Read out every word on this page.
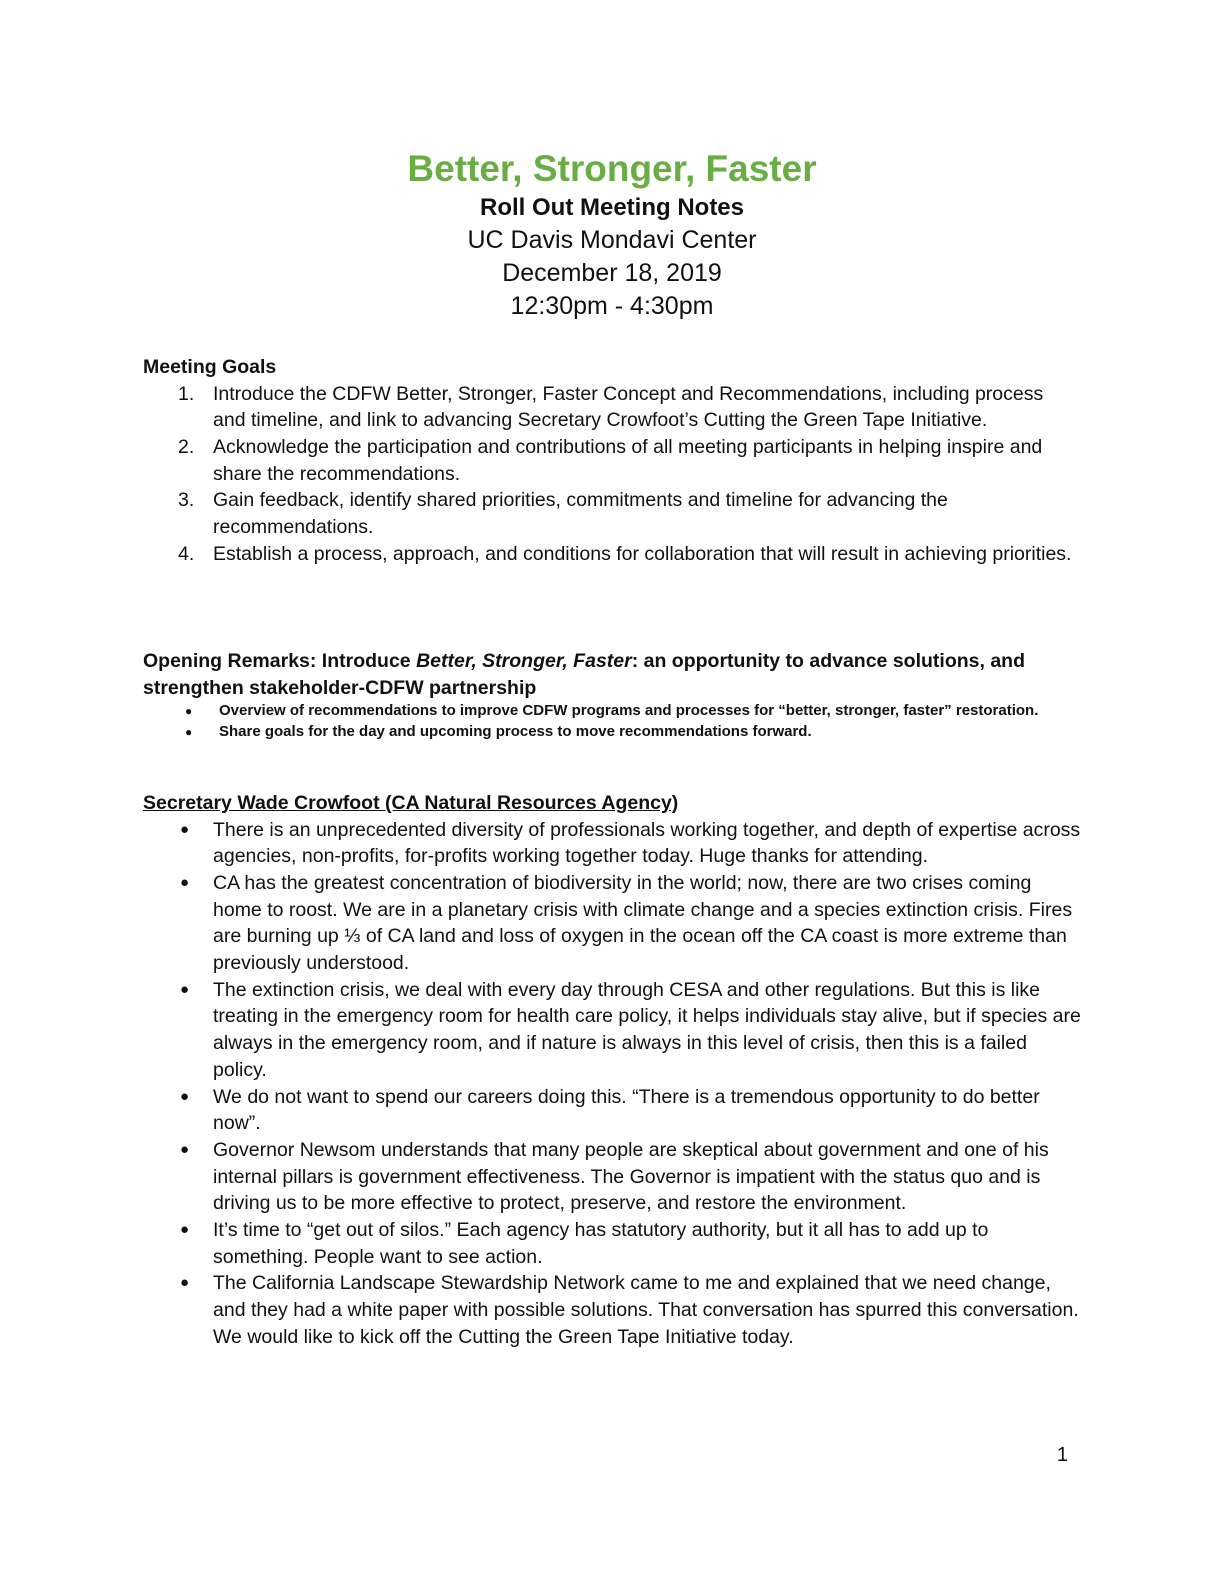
Better, Stronger, Faster
Roll Out Meeting Notes

UC Davis Mondavi Center

December 18, 2019

12:30pm - 4:30pm

Meeting Goals
1. Introduce the CDFW Better, Stronger, Faster Concept and Recommendations, including process and timeline, and link to advancing Secretary Crowfoot’s Cutting the Green Tape Initiative.
2. Acknowledge the participation and contributions of all meeting participants in helping inspire and share the recommendations.
3. Gain feedback, identify shared priorities, commitments and timeline for advancing the recommendations.
4. Establish a process, approach, and conditions for collaboration that will result in achieving priorities.
Opening Remarks: Introduce Better, Stronger, Faster: an opportunity to advance solutions, and strengthen stakeholder-CDFW partnership
● Overview of recommendations to improve CDFW programs and processes for “better, stronger, faster” restoration.
● Share goals for the day and upcoming process to move recommendations forward.
Secretary Wade Crowfoot (CA Natural Resources Agency)
● There is an unprecedented diversity of professionals working together, and depth of expertise across agencies, non-profits, for-profits working together today. Huge thanks for attending.
● CA has the greatest concentration of biodiversity in the world; now, there are two crises coming home to roost. We are in a planetary crisis with climate change and a species extinction crisis. Fires are burning up ⅓ of CA land and loss of oxygen in the ocean off the CA coast is more extreme than previously understood.
● The extinction crisis, we deal with every day through CESA and other regulations. But this is like treating in the emergency room for health care policy, it helps individuals stay alive, but if species are always in the emergency room, and if nature is always in this level of crisis, then this is a failed policy.
● We do not want to spend our careers doing this. “There is a tremendous opportunity to do better now”.
● Governor Newsom understands that many people are skeptical about government and one of his internal pillars is government effectiveness. The Governor is impatient with the status quo and is driving us to be more effective to protect, preserve, and restore the environment.
● It’s time to “get out of silos.” Each agency has statutory authority, but it all has to add up to something. People want to see action.
● The California Landscape Stewardship Network came to me and explained that we need change, and they had a white paper with possible solutions. That conversation has spurred this conversation. We would like to kick off the Cutting the Green Tape Initiative today.
1
